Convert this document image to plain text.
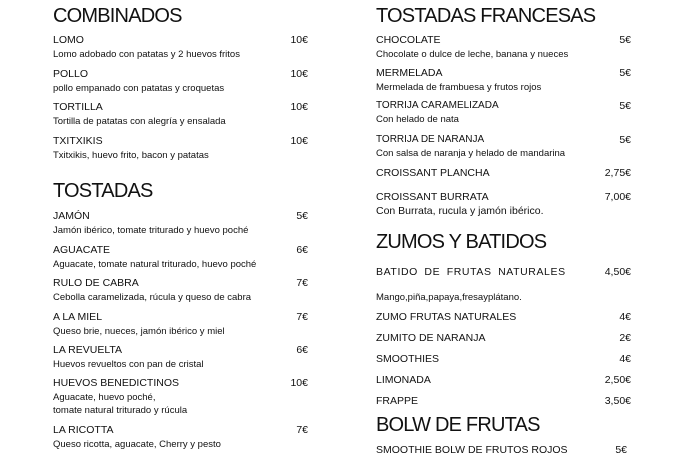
COMBINADOS
LOMO
Lomo adobado con patatas y 2 huevos fritos
10€
POLLO
pollo empanado con patatas y croquetas
10€
TORTILLA
Tortilla de patatas con alegría y ensalada
10€
TXITXIKIS
Txitxikis, huevo frito, bacon y patatas
10€
TOSTADAS
JAMÓN
Jamón ibérico, tomate triturado y huevo poché
5€
AGUACATE
Aguacate, tomate natural triturado, huevo poché
6€
RULO DE CABRA
Cebolla caramelizada, rúcula y queso de cabra
7€
A LA MIEL
Queso brie, nueces, jamón ibérico y miel
7€
LA REVUELTA
Huevos revueltos con pan de cristal
6€
HUEVOS BENEDICTINOS
Aguacate, huevo poché,
tomate natural triturado y rúcula
10€
LA RICOTTA
Queso ricotta, aguacate, Cherry y pesto
7€
TOSTADAS FRANCESAS
CHOCOLATE
Chocolate o dulce de leche, banana y nueces
5€
MERMELADA
Mermelada de frambuesa y frutos rojos
5€
TORRIJA CARAMELIZADA
Con helado de nata
5€
TORRIJA DE NARANJA
Con salsa de naranja y helado de mandarina
5€
CROISSANT PLANCHA	2,75€
CROISSANT BURRATA
Con Burrata, rucula y jamón ibérico.
7,00€
ZUMOS Y BATIDOS
BATIDO DE FRUTAS NATURALES	4,50€
Mango,piña,papaya,fresayplátano.
ZUMO FRUTAS NATURALES	4€
ZUMITO DE NARANJA	2€
SMOOTHIES	4€
LIMONADA	2,50€
FRAPPE	3,50€
BOLW DE FRUTAS
SMOOTHIE BOLW DE FRUTOS ROJOS	5€
